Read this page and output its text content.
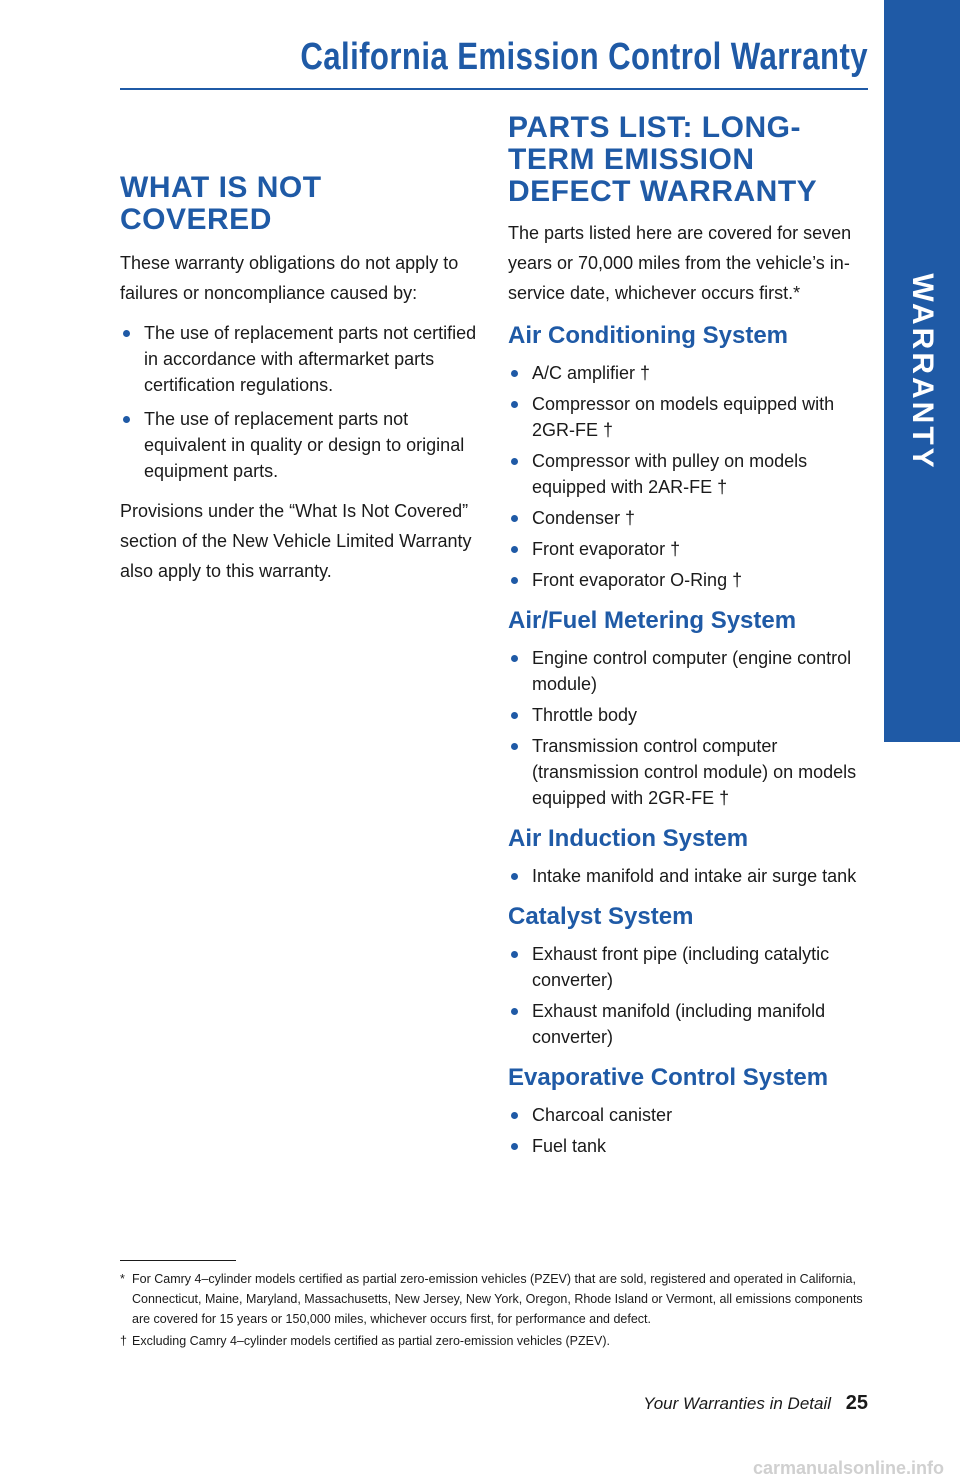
California Emission Control Warranty
WARRANTY
WHAT IS NOT COVERED

These warranty obligations do not apply to failures or noncompliance caused by:

The use of replacement parts not certified in accordance with aftermarket parts certification regulations.
The use of replacement parts not equivalent in quality or design to original equipment parts.

Provisions under the “What Is Not Covered” section of the New Vehicle Limited Warranty also apply to this warranty.

PARTS LIST: LONG-TERM EMISSION DEFECT WARRANTY

The parts listed here are covered for seven years or 70,000 miles from the vehicle’s in-service date, whichever occurs first.*

Air Conditioning System
A/C amplifier †
Compressor on models equipped with 2GR-FE †
Compressor with pulley on models equipped with 2AR-FE †
Condenser †
Front evaporator †
Front evaporator O-Ring †
Air/Fuel Metering System
Engine control computer (engine control module)
Throttle body
Transmission control computer (transmission control module) on models equipped with 2GR-FE †
Air Induction System
Intake manifold and intake air surge tank
Catalyst System
Exhaust front pipe (including catalytic converter)
Exhaust manifold (including manifold converter)
Evaporative Control System
Charcoal canister
Fuel tank
* For Camry 4–cylinder models certified as partial zero-emission vehicles (PZEV) that are sold, registered and operated in California, Connecticut, Maine, Maryland, Massachusetts, New Jersey, New York, Oregon, Rhode Island or Vermont, all emissions components are covered for 15 years or 150,000 miles, whichever occurs first, for performance and defect.
† Excluding Camry 4–cylinder models certified as partial zero-emission vehicles (PZEV).
Your Warranties in Detail 25
carmanualsonline.info
